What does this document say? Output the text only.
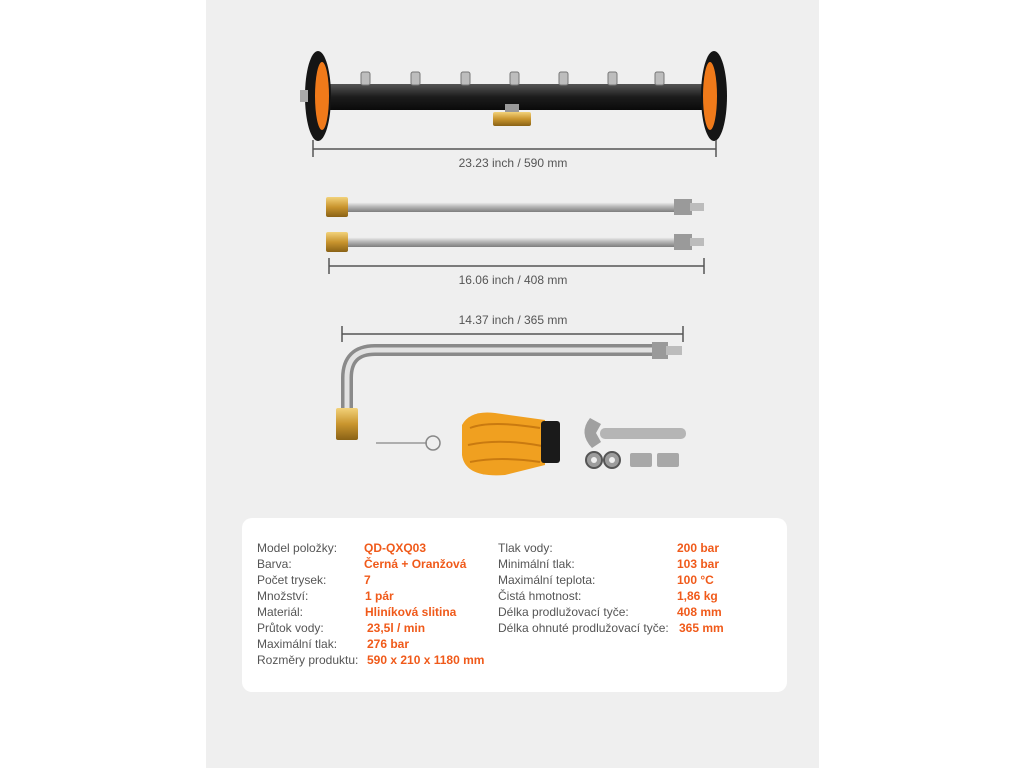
23.23 inch / 590 mm
16.06 inch / 408 mm
14.37 inch / 365 mm
Model položky: QD-QXQ03
Barva:	Černá + Oranžová
Počet trysek:	7
Množství:	1 pár
Materiál:	Hliníková slitina
Průtok vody:	23,5l / min
Maximální tlak: 276 bar
Rozměry produktu: 590 x 210 x 1180 mm
Tlak vody:	200 bar
Minimální tlak:	103 bar
Maximální teplota:	100 °C
Čistá hmotnost:	1,86 kg
Délka prodlužovací tyče:	408 mm
Délka ohnuté prodlužovací tyče: 365 mm
